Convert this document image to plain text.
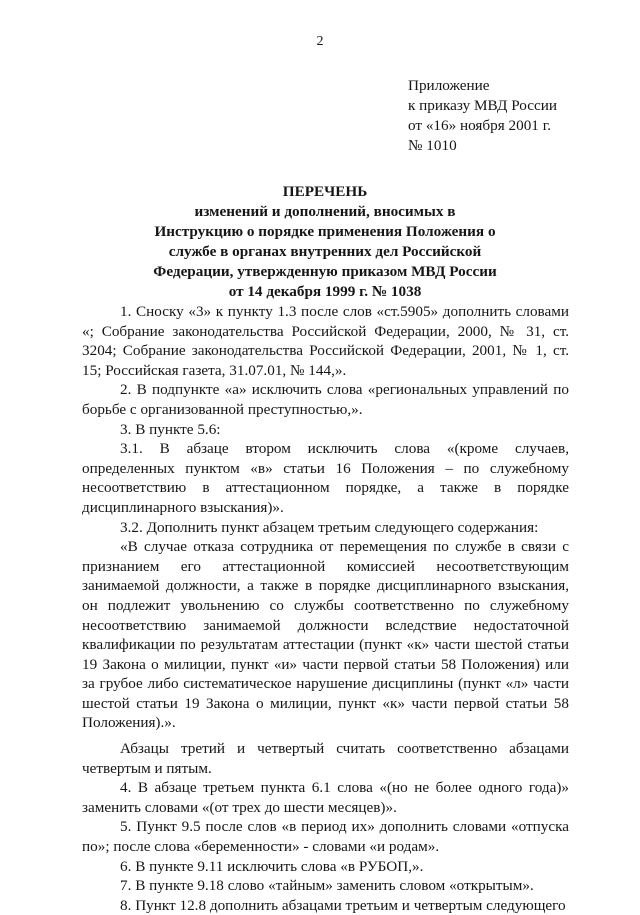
2
Приложение
к приказу МВД России
от «16» ноября 2001 г.
№ 1010
ПЕРЕЧЕНЬ
изменений и дополнений, вносимых в
Инструкцию о порядке применения Положения о
службе в органах внутренних дел Российской
Федерации, утвержденную приказом МВД России
от 14 декабря 1999 г. № 1038

1. Сноску «3» к пункту 1.3 после слов «ст.5905» дополнить словами «; Собрание законодательства Российской Федерации, 2000, № 31, ст. 3204; Собрание законодательства Российской Федерации, 2001, № 1, ст. 15; Российская газета, 31.07.01, № 144,».

2. В подпункте «а» исключить слова «региональных управлений по борьбе с организованной преступностью,».

3. В пункте 5.6:

3.1. В абзаце втором исключить слова «(кроме случаев, определенных пунктом «в» статьи 16 Положения – по служебному несоответствию в аттестационном порядке, а также в порядке дисциплинарного взыскания)».

3.2. Дополнить пункт абзацем третьим следующего содержания:

«В случае отказа сотрудника от перемещения по службе в связи с признанием его аттестационной комиссией несоответствующим занимаемой должности, а также в порядке дисциплинарного взыскания, он подлежит увольнению со службы соответственно по служебному несоответствию занимаемой должности вследствие недостаточной квалификации по результатам аттестации (пункт «к» части шестой статьи 19 Закона о милиции, пункт «и» части первой статьи 58 Положения) или за грубое либо систематическое нарушение дисциплины (пункт «л» части шестой статьи 19 Закона о милиции, пункт «к» части первой статьи 58 Положения).».

Абзацы третий и четвертый считать соответственно абзацами четвертым и пятым.

4. В абзаце третьем пункта 6.1 слова «(но не более одного года)» заменить словами «(от трех до шести месяцев)».

5. Пункт 9.5 после слов «в период их» дополнить словами «отпуска по»; после слова «беременности» - словами «и родам».

6. В пункте 9.11 исключить слова «в РУБОП,».

7. В пункте 9.18 слово «тайным» заменить словом «открытым».

8. Пункт 12.8 дополнить абзацами третьим и четвертым следующего
